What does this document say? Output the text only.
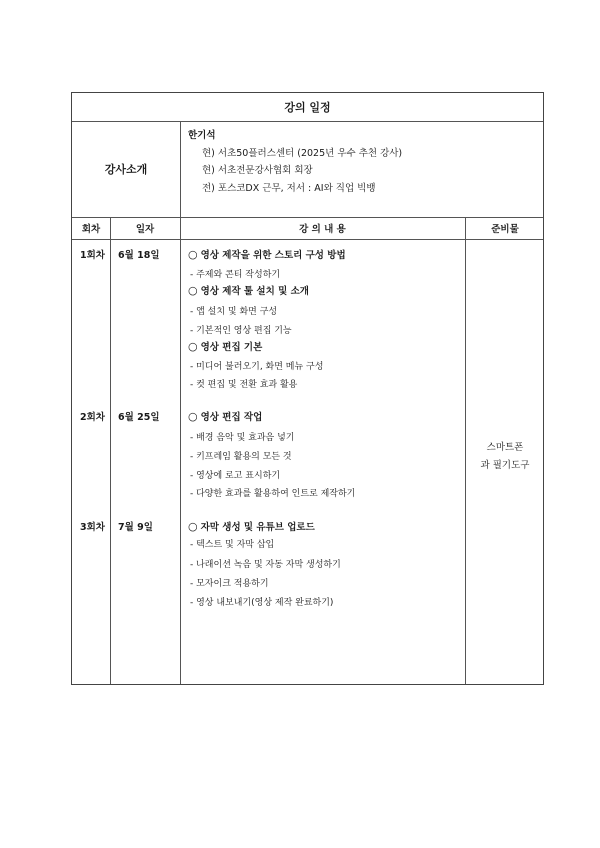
강의 일정
강사소개
한기석
현) 서초50플러스센터 (2025년 우수 추천 강사)
현) 서초전문강사협회 회장
전) 포스코DX 근무, 저서 : AI와 직업 빅뱅
회차	일자	강 의 내 용	준비물
1회차 6월 18일	○ 영상 제작을 위한 스토리 구성 방법
- 주제와 콘티 작성하기
○ 영상 제작 툴 설치 및 소개
- 앱 설치 및 화면 구성
- 기본적인 영상 편집 기능
○ 영상 편집 기본
- 미디어 불러오기, 화면 메뉴 구성
- 컷 편집 및 전환 효과 활용
2회차 6월 25일	○ 영상 편집 작업
- 배경 음악 및 효과음 넣기
- 키프레임 활용의 모든 것
- 영상에 로고 표시하기
- 다양한 효과를 활용하여 인트로 제작하기
3회차 7월 9일	○ 자막 생성 및 유튜브 업로드
- 텍스트 및 자막 삽입
- 나래이션 녹음 및 자동 자막 생성하기
- 모자이크 적용하기
- 영상 내보내기(영상 제작 완료하기)
스마트폰
과 필기도구
